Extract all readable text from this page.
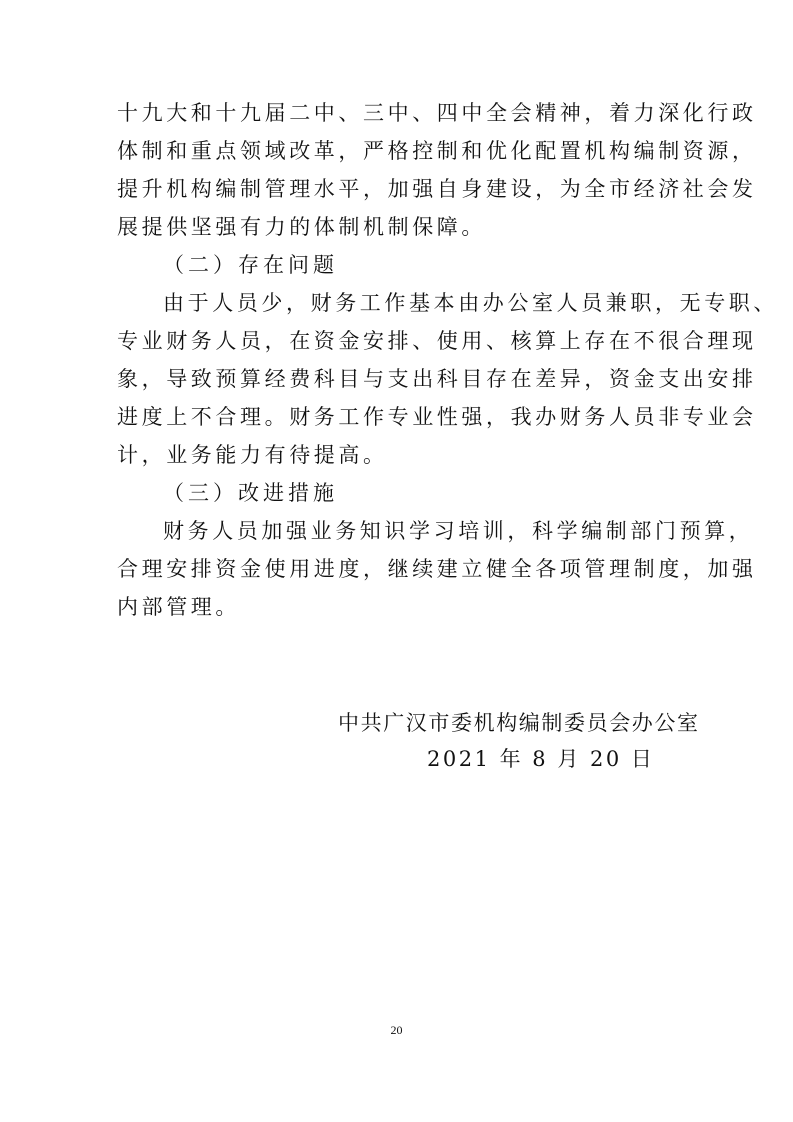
十九大和十九届二中、三中、四中全会精神，着力深化行政
体制和重点领域改革，严格控制和优化配置机构编制资源，
提升机构编制管理水平，加强自身建设，为全市经济社会发
展提供坚强有力的体制机制保障。
（二）存在问题
由于人员少，财务工作基本由办公室人员兼职，无专职、
专业财务人员，在资金安排、使用、核算上存在不很合理现
象，导致预算经费科目与支出科目存在差异，资金支出安排
进度上不合理。财务工作专业性强，我办财务人员非专业会
计，业务能力有待提高。
（三）改进措施
财务人员加强业务知识学习培训，科学编制部门预算，
合理安排资金使用进度，继续建立健全各项管理制度，加强
内部管理。
中共广汉市委机构编制委员会办公室
2021 年 8 月 20 日
20
